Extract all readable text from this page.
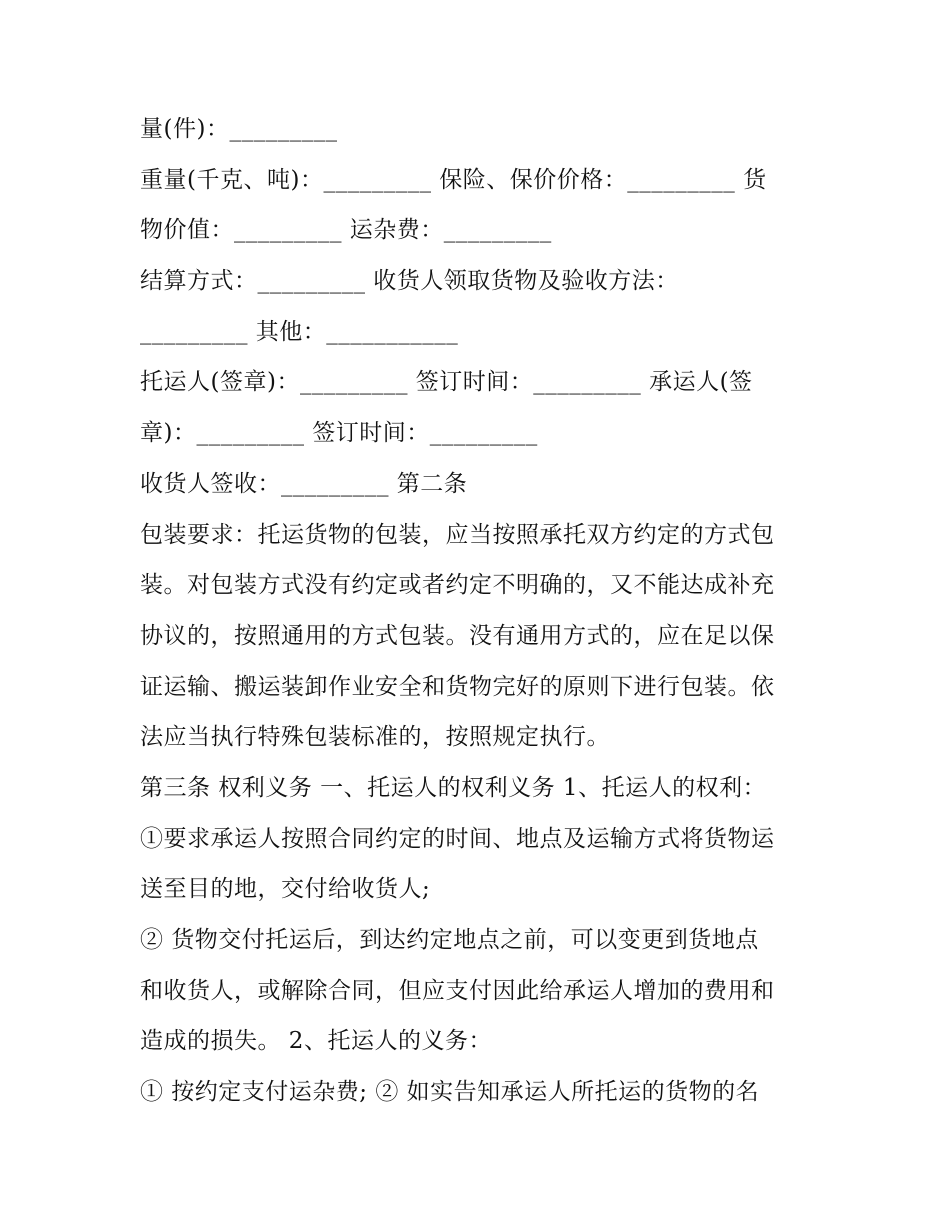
量(件)：_________
重量(千克、吨)：_________ 保险、保价价格：_________ 货
物价值：_________ 运杂费：_________
结算方式：_________ 收货人领取货物及验收方法：
_________ 其他：___________
托运人(签章)：_________ 签订时间：_________ 承运人(签
章)：_________ 签订时间：_________
收货人签收：_________ 第二条
包装要求：托运货物的包装，应当按照承托双方约定的方式包
装。对包装方式没有约定或者约定不明确的，又不能达成补充
协议的，按照通用的方式包装。没有通用方式的，应在足以保
证运输、搬运装卸作业安全和货物完好的原则下进行包装。依
法应当执行特殊包装标准的，按照规定执行。
第三条 权利义务 一、托运人的权利义务 1、托运人的权利：
①要求承运人按照合同约定的时间、地点及运输方式将货物运
送至目的地，交付给收货人;
② 货物交付托运后，到达约定地点之前，可以变更到货地点
和收货人，或解除合同，但应支付因此给承运人增加的费用和
造成的损失。 2、托运人的义务：
① 按约定支付运杂费; ② 如实告知承运人所托运的货物的名
